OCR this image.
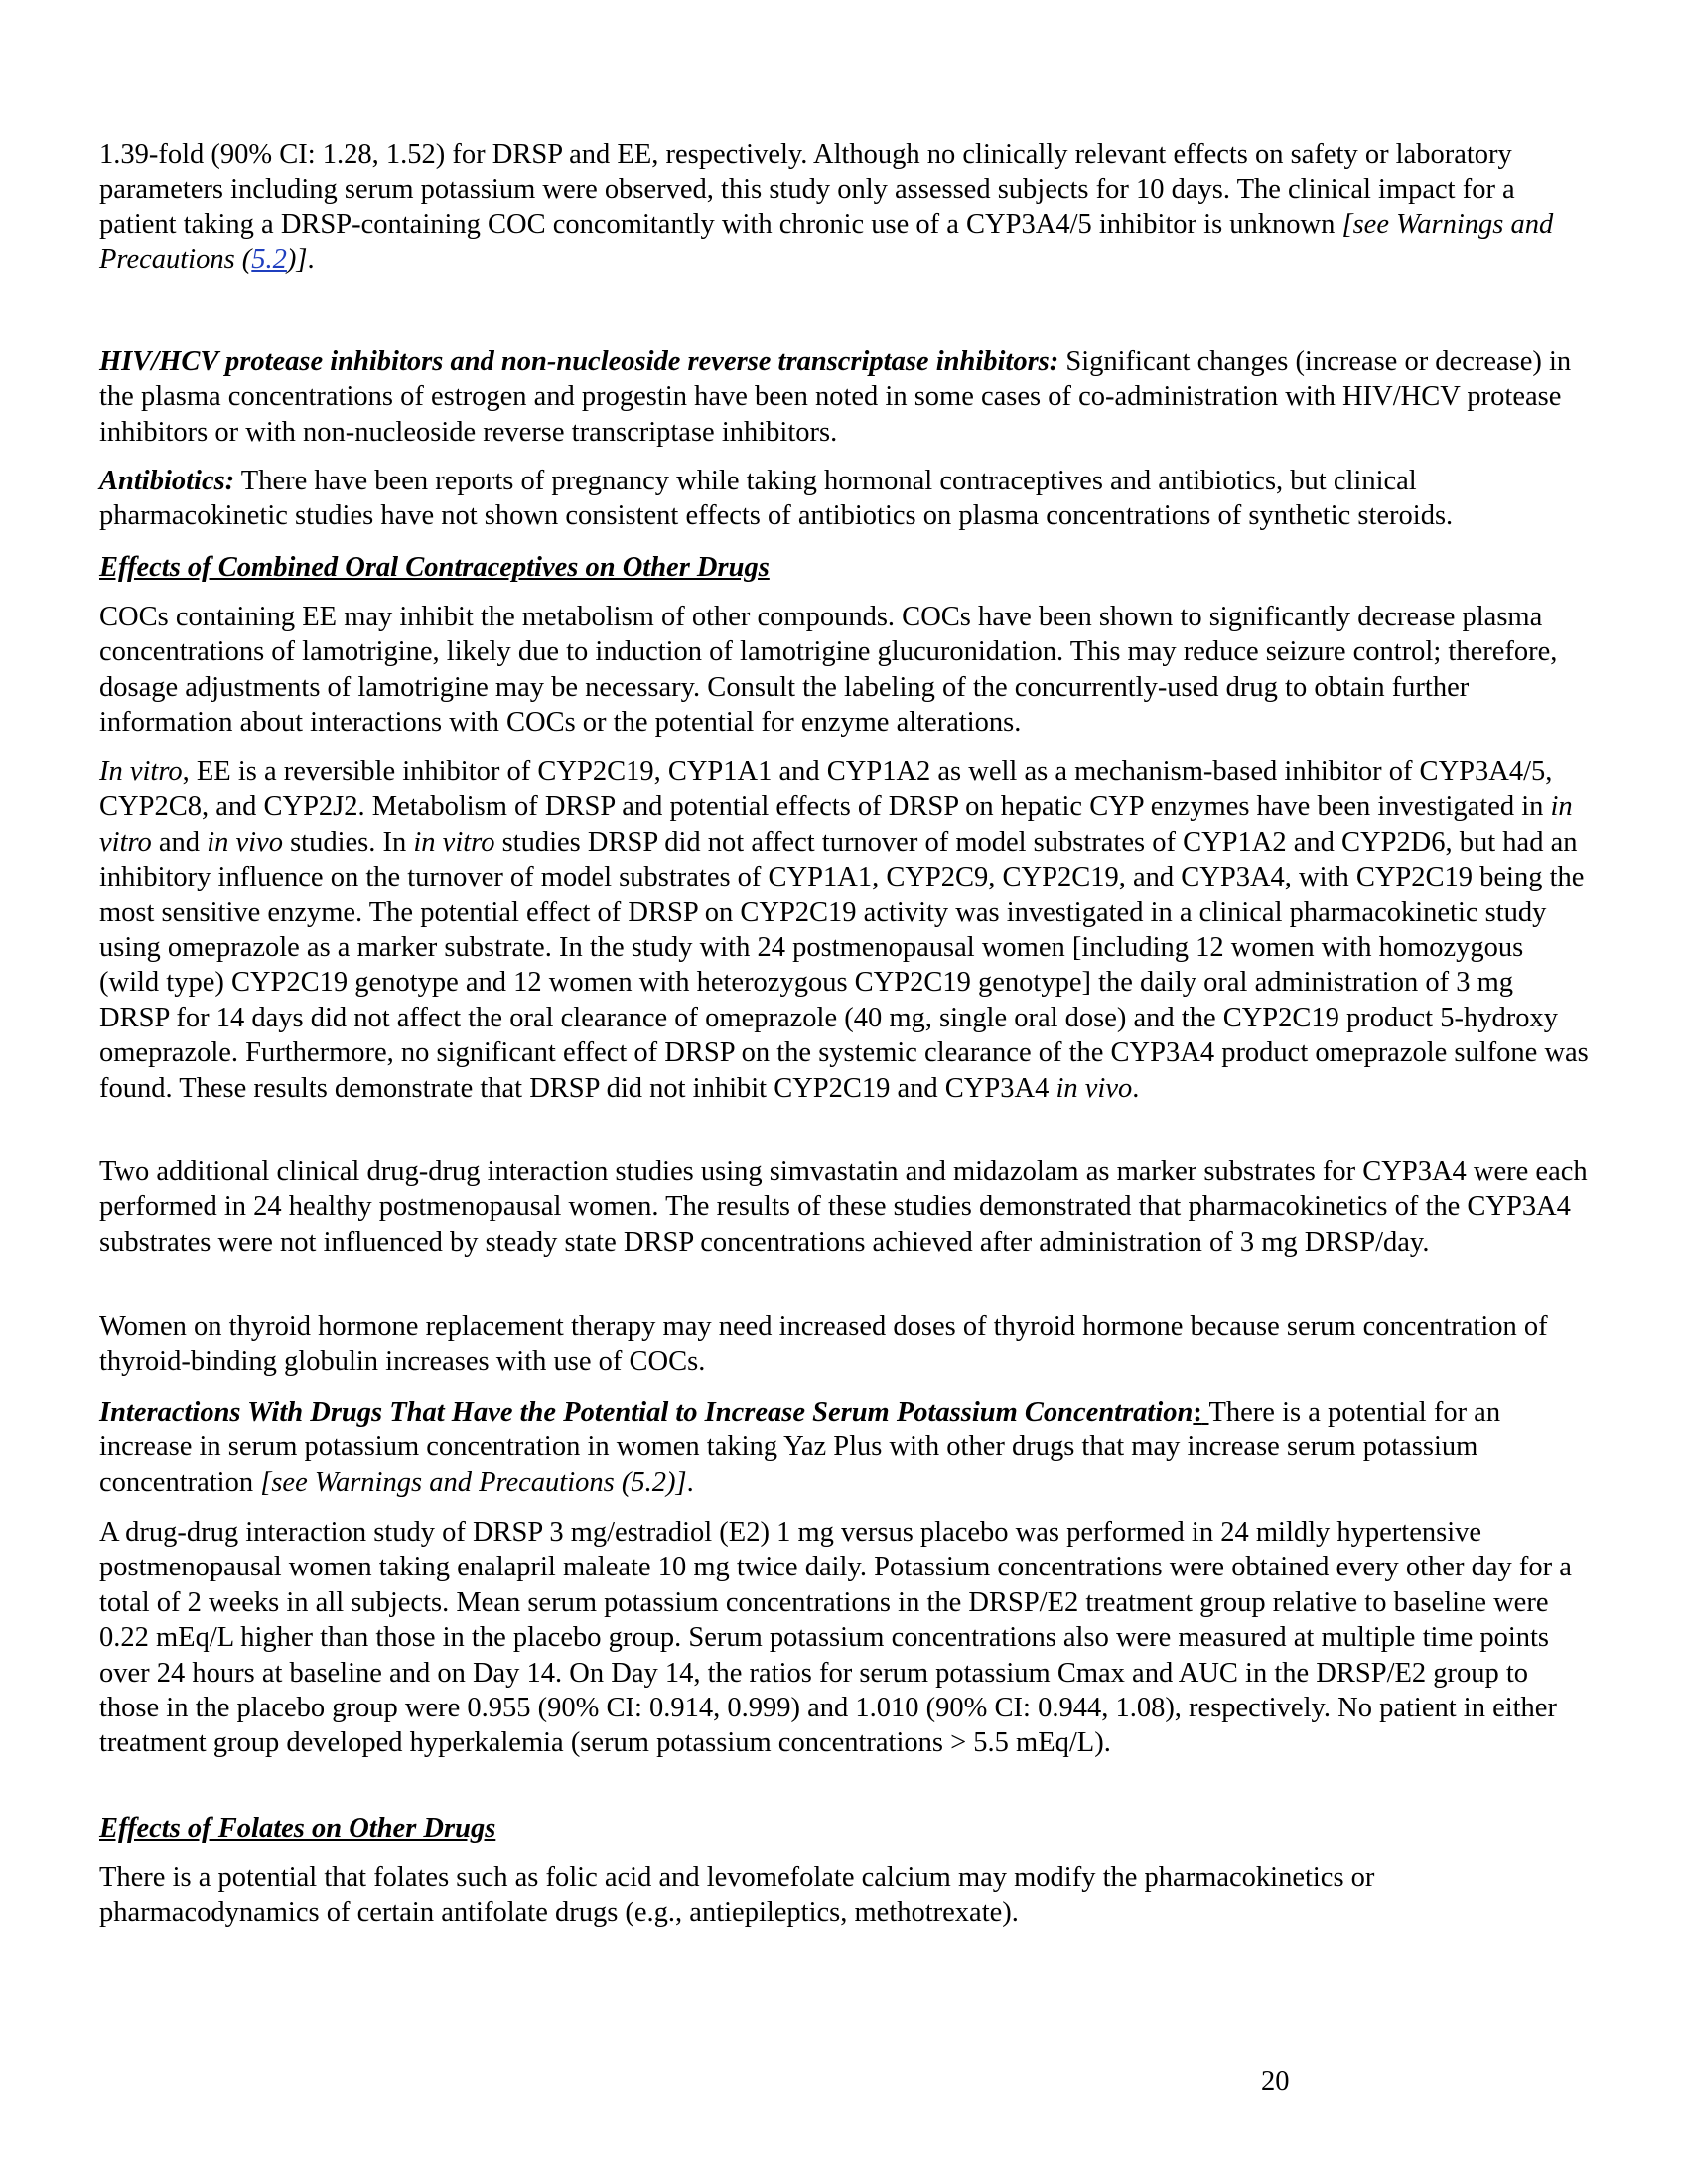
1.39-fold (90% CI: 1.28, 1.52) for DRSP and EE, respectively. Although no clinically relevant effects on safety or laboratory parameters including serum potassium were observed, this study only assessed subjects for 10 days. The clinical impact for a patient taking a DRSP-containing COC concomitantly with chronic use of a CYP3A4/5 inhibitor is unknown [see Warnings and Precautions (5.2)].

HIV/HCV protease inhibitors and non-nucleoside reverse transcriptase inhibitors: Significant changes (increase or decrease) in the plasma concentrations of estrogen and progestin have been noted in some cases of co-administration with HIV/HCV protease inhibitors or with non-nucleoside reverse transcriptase inhibitors.

Antibiotics: There have been reports of pregnancy while taking hormonal contraceptives and antibiotics, but clinical pharmacokinetic studies have not shown consistent effects of antibiotics on plasma concentrations of synthetic steroids.

Effects of Combined Oral Contraceptives on Other Drugs

COCs containing EE may inhibit the metabolism of other compounds. COCs have been shown to significantly decrease plasma concentrations of lamotrigine, likely due to induction of lamotrigine glucuronidation. This may reduce seizure control; therefore, dosage adjustments of lamotrigine may be necessary. Consult the labeling of the concurrently-used drug to obtain further information about interactions with COCs or the potential for enzyme alterations.

In vitro, EE is a reversible inhibitor of CYP2C19, CYP1A1 and CYP1A2 as well as a mechanism-based inhibitor of CYP3A4/5, CYP2C8, and CYP2J2. Metabolism of DRSP and potential effects of DRSP on hepatic CYP enzymes have been investigated in in vitro and in vivo studies. In in vitro studies DRSP did not affect turnover of model substrates of CYP1A2 and CYP2D6, but had an inhibitory influence on the turnover of model substrates of CYP1A1, CYP2C9, CYP2C19, and CYP3A4, with CYP2C19 being the most sensitive enzyme. The potential effect of DRSP on CYP2C19 activity was investigated in a clinical pharmacokinetic study using omeprazole as a marker substrate. In the study with 24 postmenopausal women [including 12 women with homozygous (wild type) CYP2C19 genotype and 12 women with heterozygous CYP2C19 genotype] the daily oral administration of 3 mg DRSP for 14 days did not affect the oral clearance of omeprazole (40 mg, single oral dose) and the CYP2C19 product 5-hydroxy omeprazole. Furthermore, no significant effect of DRSP on the systemic clearance of the CYP3A4 product omeprazole sulfone was found. These results demonstrate that DRSP did not inhibit CYP2C19 and CYP3A4 in vivo.

Two additional clinical drug-drug interaction studies using simvastatin and midazolam as marker substrates for CYP3A4 were each performed in 24 healthy postmenopausal women. The results of these studies demonstrated that pharmacokinetics of the CYP3A4 substrates were not influenced by steady state DRSP concentrations achieved after administration of 3 mg DRSP/day.

Women on thyroid hormone replacement therapy may need increased doses of thyroid hormone because serum concentration of thyroid-binding globulin increases with use of COCs.

Interactions With Drugs That Have the Potential to Increase Serum Potassium Concentration: There is a potential for an increase in serum potassium concentration in women taking Yaz Plus with other drugs that may increase serum potassium concentration [see Warnings and Precautions (5.2)].

A drug-drug interaction study of DRSP 3 mg/estradiol (E2) 1 mg versus placebo was performed in 24 mildly hypertensive postmenopausal women taking enalapril maleate 10 mg twice daily. Potassium concentrations were obtained every other day for a total of 2 weeks in all subjects. Mean serum potassium concentrations in the DRSP/E2 treatment group relative to baseline were 0.22 mEq/L higher than those in the placebo group. Serum potassium concentrations also were measured at multiple time points over 24 hours at baseline and on Day 14. On Day 14, the ratios for serum potassium Cmax and AUC in the DRSP/E2 group to those in the placebo group were 0.955 (90% CI: 0.914, 0.999) and 1.010 (90% CI: 0.944, 1.08), respectively. No patient in either treatment group developed hyperkalemia (serum potassium concentrations > 5.5 mEq/L).

Effects of Folates on Other Drugs

There is a potential that folates such as folic acid and levomefolate calcium may modify the pharmacokinetics or pharmacodynamics of certain antifolate drugs (e.g., antiepileptics, methotrexate).

20
